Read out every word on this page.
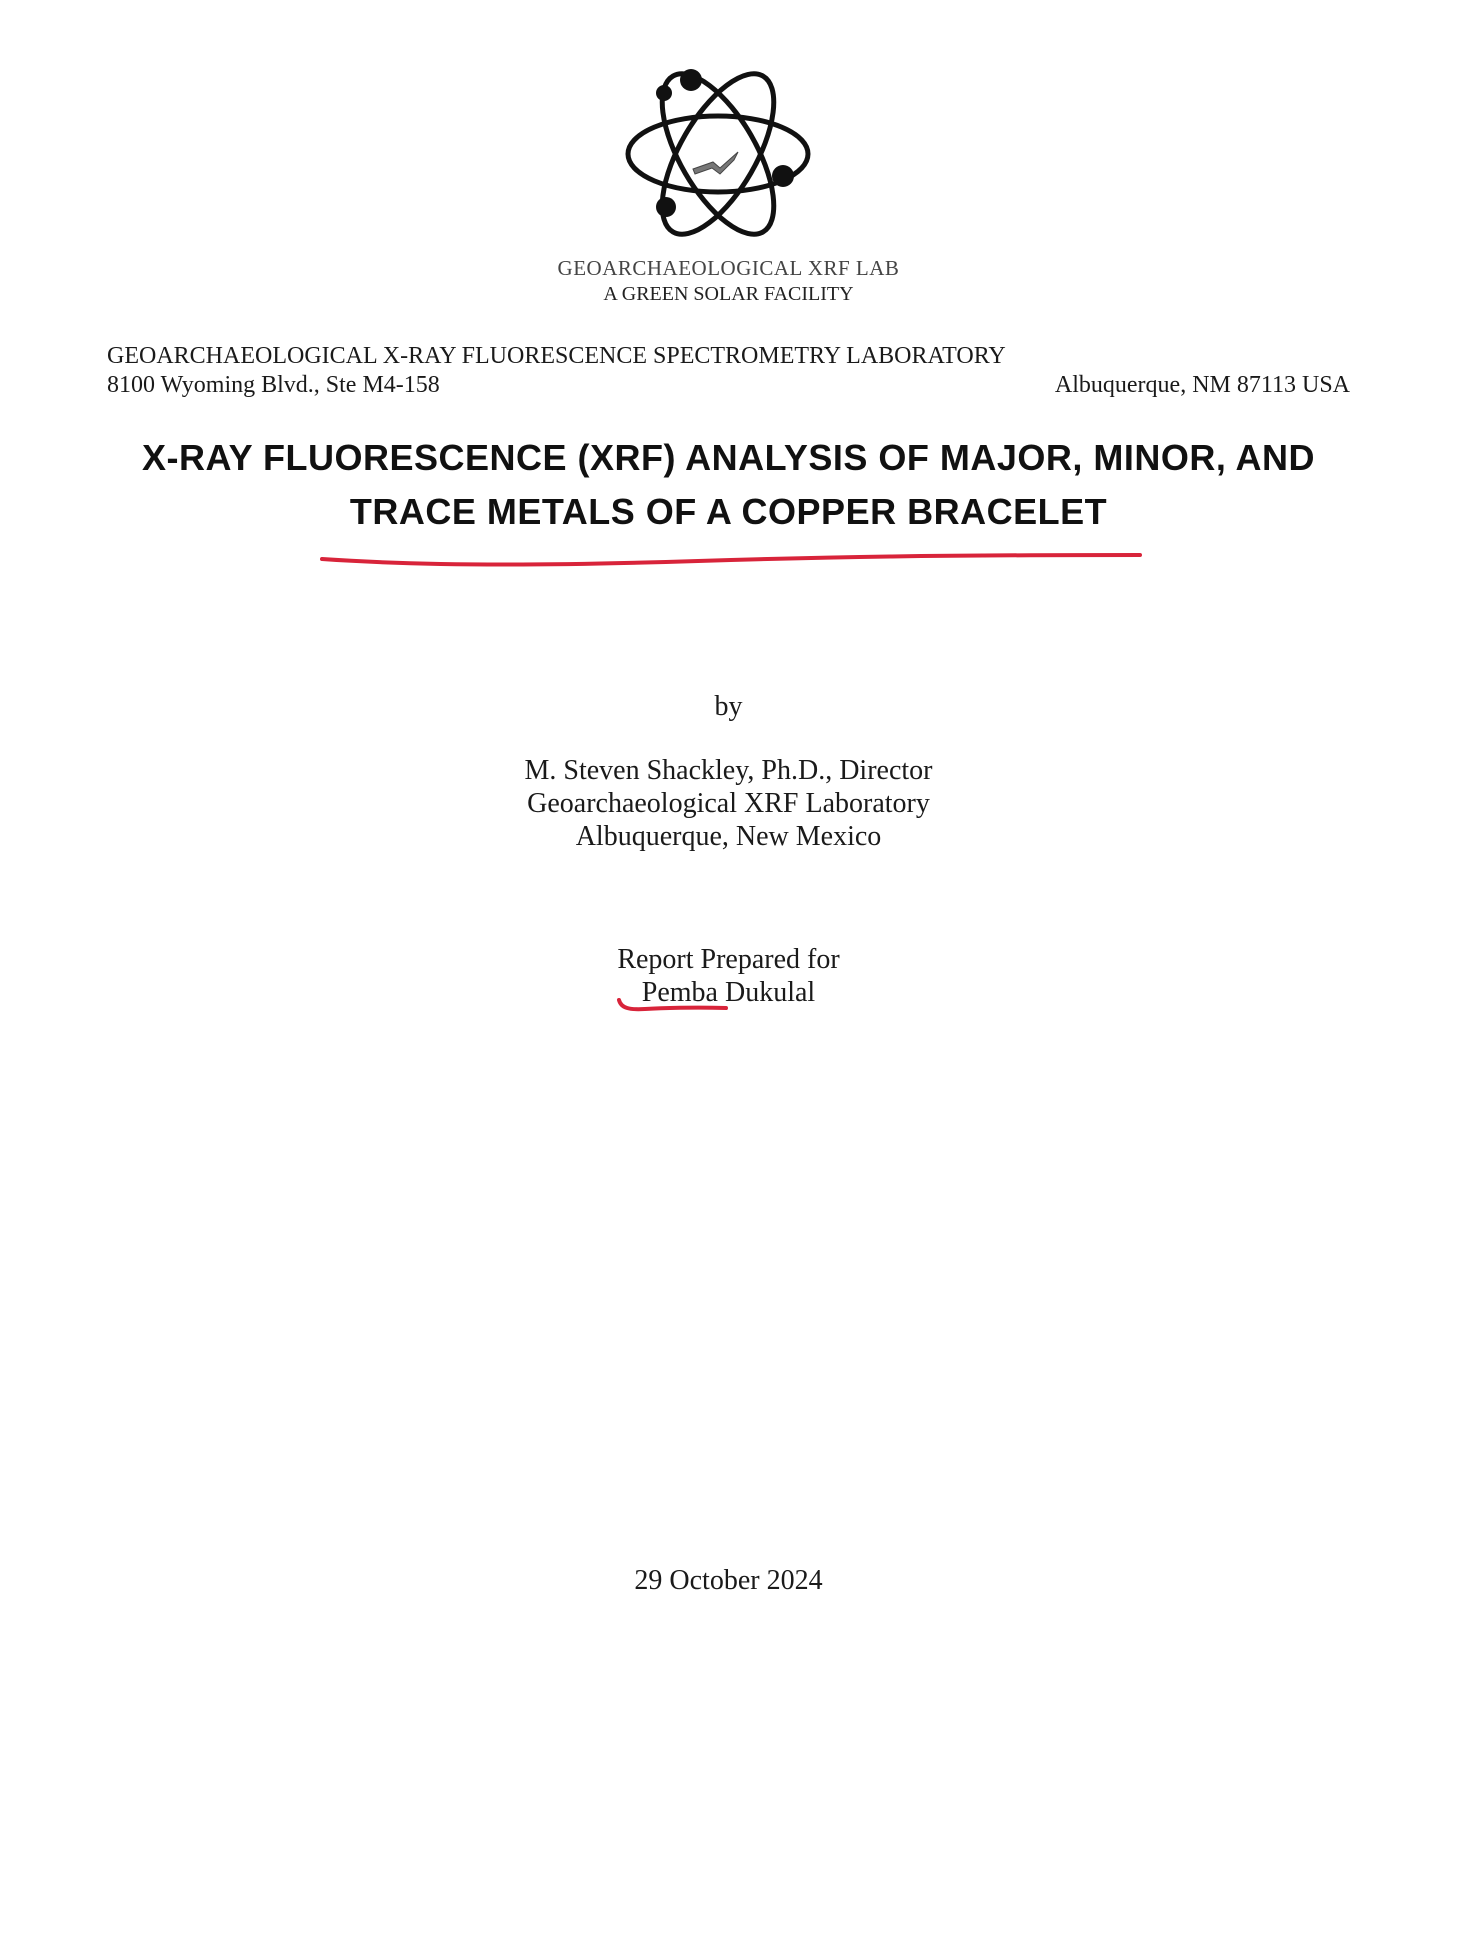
GEOARCHAEOLOGICAL XRF LAB
A GREEN SOLAR FACILITY
GEOARCHAEOLOGICAL X-RAY FLUORESCENCE SPECTROMETRY LABORATORY
8100 Wyoming Blvd., Ste M4-158	Albuquerque, NM 87113 USA
X-RAY FLUORESCENCE (XRF) ANALYSIS OF MAJOR, MINOR, AND
TRACE METALS OF A COPPER BRACELET
by
M. Steven Shackley, Ph.D., Director
Geoarchaeological XRF Laboratory
Albuquerque, New Mexico
Report Prepared for
Pemba Dukulal
29 October 2024
